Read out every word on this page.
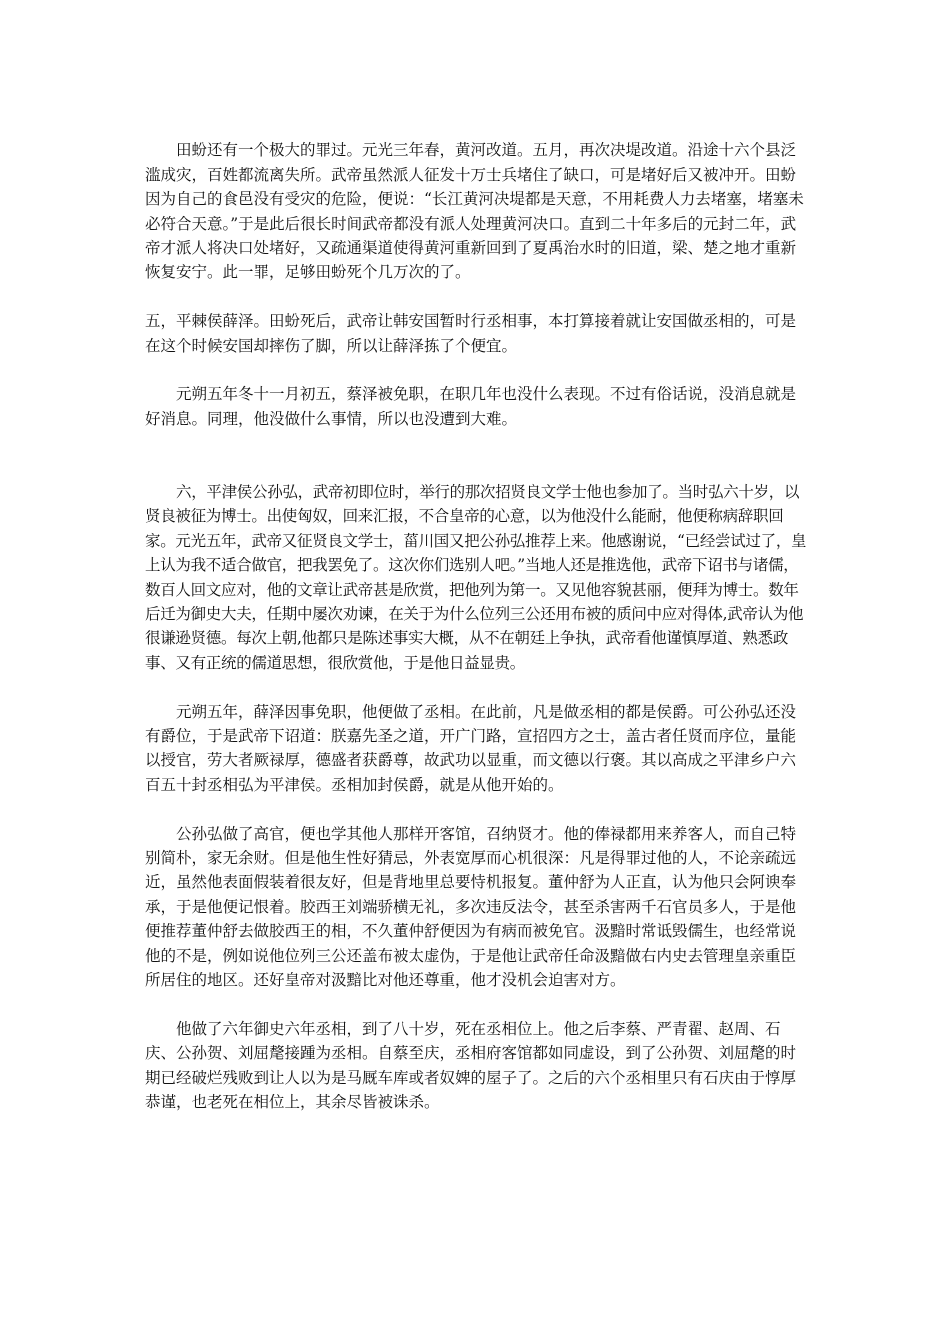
田蚡还有一个极大的罪过。元光三年春，黄河改道。五月，再次决堤改道。沿途十六个县泛滥成灾，百姓都流离失所。武帝虽然派人征发十万士兵堵住了缺口，可是堵好后又被冲开。田蚡因为自己的食邑没有受灾的危险，便说：“长江黄河决堤都是天意，不用耗费人力去堵塞，堵塞未必符合天意。”于是此后很长时间武帝都没有派人处理黄河决口。直到二十年多后的元封二年，武帝才派人将决口处堵好，又疏通渠道使得黄河重新回到了夏禹治水时的旧道，梁、楚之地才重新恢复安宁。此一罪，足够田蚡死个几万次的了。

五，平棘侯薛泽。田蚡死后，武帝让韩安国暂时行丞相事，本打算接着就让安国做丞相的，可是在这个时候安国却摔伤了脚，所以让薛泽拣了个便宜。

元朔五年冬十一月初五，蔡泽被免职，在职几年也没什么表现。不过有俗话说，没消息就是好消息。同理，他没做什么事情，所以也没遭到大难。

六，平津侯公孙弘，武帝初即位时，举行的那次招贤良文学士他也参加了。当时弘六十岁，以贤良被征为博士。出使匈奴，回来汇报，不合皇帝的心意，以为他没什么能耐，他便称病辞职回家。元光五年，武帝又征贤良文学士，菑川国又把公孙弘推荐上来。他感谢说，“已经尝试过了，皇上认为我不适合做官，把我罢免了。这次你们选别人吧。”当地人还是推选他，武帝下诏书与诸儒，数百人回文应对，他的文章让武帝甚是欣赏，把他列为第一。又见他容貌甚丽，便拜为博士。数年后迁为御史大夫，任期中屡次劝谏，在关于为什么位列三公还用布被的质问中应对得体,武帝认为他很谦逊贤德。每次上朝,他都只是陈述事实大概，从不在朝廷上争执，武帝看他谨慎厚道、熟悉政事、又有正统的儒道思想，很欣赏他，于是他日益显贵。

元朔五年，薛泽因事免职，他便做了丞相。在此前，凡是做丞相的都是侯爵。可公孙弘还没有爵位，于是武帝下诏道：朕嘉先圣之道，开广门路，宣招四方之士，盖古者任贤而序位，量能以授官，劳大者厥禄厚，德盛者获爵尊，故武功以显重，而文德以行褒。其以高成之平津乡户六百五十封丞相弘为平津侯。丞相加封侯爵，就是从他开始的。

公孙弘做了高官，便也学其他人那样开客馆，召纳贤才。他的俸禄都用来养客人，而自己特别简朴，家无余财。但是他生性好猜忌，外表宽厚而心机很深：凡是得罪过他的人，不论亲疏远近，虽然他表面假装着很友好，但是背地里总要恃机报复。董仲舒为人正直，认为他只会阿谀奉承，于是他便记恨着。胶西王刘端骄横无礼，多次违反法令，甚至杀害两千石官员多人，于是他便推荐董仲舒去做胶西王的相，不久董仲舒便因为有病而被免官。汲黯时常诋毁儒生，也经常说他的不是，例如说他位列三公还盖布被太虚伪，于是他让武帝任命汲黯做右内史去管理皇亲重臣所居住的地区。还好皇帝对汲黯比对他还尊重，他才没机会迫害对方。

他做了六年御史六年丞相，到了八十岁，死在丞相位上。他之后李蔡、严青翟、赵周、石庆、公孙贺、刘屈氂接踵为丞相。自蔡至庆，丞相府客馆都如同虚设，到了公孙贺、刘屈氂的时期已经破烂残败到让人以为是马厩车库或者奴婢的屋子了。之后的六个丞相里只有石庆由于惇厚恭谨，也老死在相位上，其余尽皆被诛杀。
